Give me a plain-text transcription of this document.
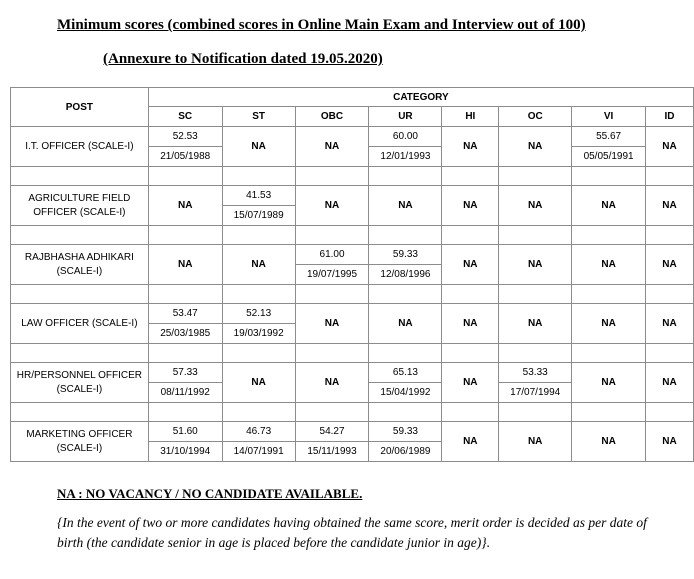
Minimum scores (combined scores in Online Main Exam and Interview out of 100)
(Annexure to Notification dated 19.05.2020)
POST	CATEGORY							
	SC	ST	OBC	UR	HI	OC	VI	ID
I.T. OFFICER (SCALE-I)	52.53	NA	NA	60.00	NA	NA	55.67	NA
	21/05/1988			12/01/1993			05/05/1991	

AGRICULTURE FIELD OFFICER (SCALE-I)	NA	41.53	NA	NA	NA	NA	NA	NA
		15/07/1989						

RAJBHASHA ADHIKARI (SCALE-I)	NA	NA	61.00	59.33	NA	NA	NA	NA
			19/07/1995	12/08/1996				

LAW OFFICER (SCALE-I)	53.47	52.13	NA	NA	NA	NA	NA	NA
	25/03/1985	19/03/1992						

HR/PERSONNEL OFFICER (SCALE-I)	57.33	NA	NA	65.13	NA	53.33	NA	NA
	08/11/1992			15/04/1992		17/07/1994		

MARKETING OFFICER (SCALE-I)	51.60	46.73	54.27	59.33	NA	NA	NA	NA
	31/10/1994	14/07/1991	15/11/1993	20/06/1989				
NA : NO VACANCY / NO CANDIDATE AVAILABLE.
{In the event of two or more candidates having obtained the same score, merit order is decided as per date of birth (the candidate senior in age is placed before the candidate junior in age)}.
